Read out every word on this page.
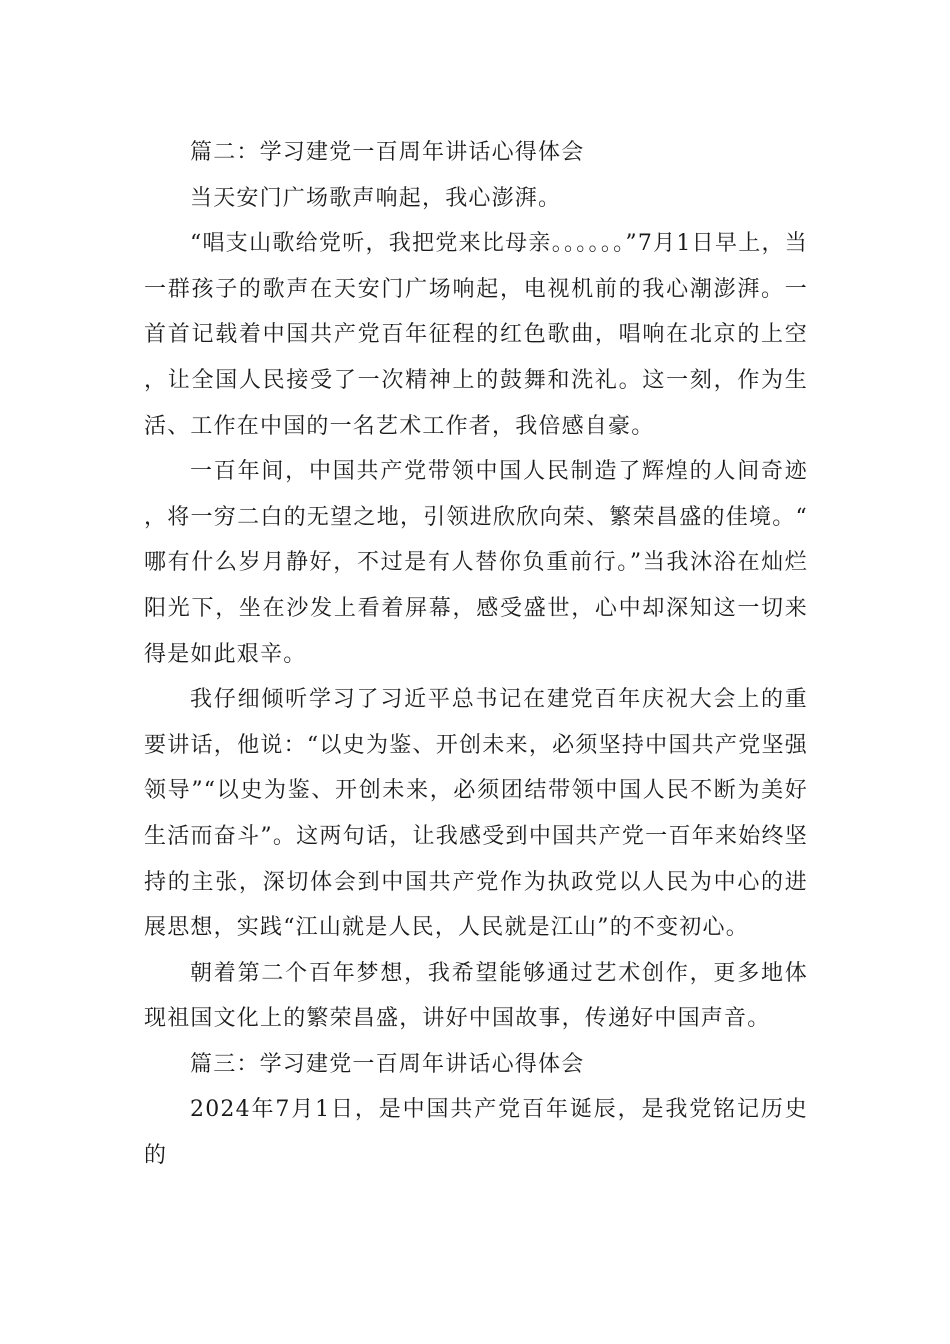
篇二：学习建党一百周年讲话心得体会

当天安门广场歌声响起，我心澎湃。

“唱支山歌给党听，我把党来比母亲。。。。。。”7月1日早上，当一群孩子的歌声在天安门广场响起，电视机前的我心潮澎湃。一首首记载着中国共产党百年征程的红色歌曲，唱响在北京的上空，让全国人民接受了一次精神上的鼓舞和洗礼。这一刻，作为生活、工作在中国的一名艺术工作者，我倍感自豪。

一百年间，中国共产党带领中国人民制造了辉煌的人间奇迹，将一穷二白的无望之地，引领进欣欣向荣、繁荣昌盛的佳境。“哪有什么岁月静好，不过是有人替你负重前行。”当我沐浴在灿烂阳光下，坐在沙发上看着屏幕，感受盛世，心中却深知这一切来得是如此艰辛。

我仔细倾听学习了习近平总书记在建党百年庆祝大会上的重要讲话，他说：“以史为鉴、开创未来，必须坚持中国共产党坚强领导”“以史为鉴、开创未来，必须团结带领中国人民不断为美好生活而奋斗”。这两句话，让我感受到中国共产党一百年来始终坚持的主张，深切体会到中国共产党作为执政党以人民为中心的进展思想，实践“江山就是人民，人民就是江山”的不变初心。

朝着第二个百年梦想，我希望能够通过艺术创作，更多地体现祖国文化上的繁荣昌盛，讲好中国故事，传递好中国声音。

篇三：学习建党一百周年讲话心得体会

2024年7月1日，是中国共产党百年诞辰，是我党铭记历史的
